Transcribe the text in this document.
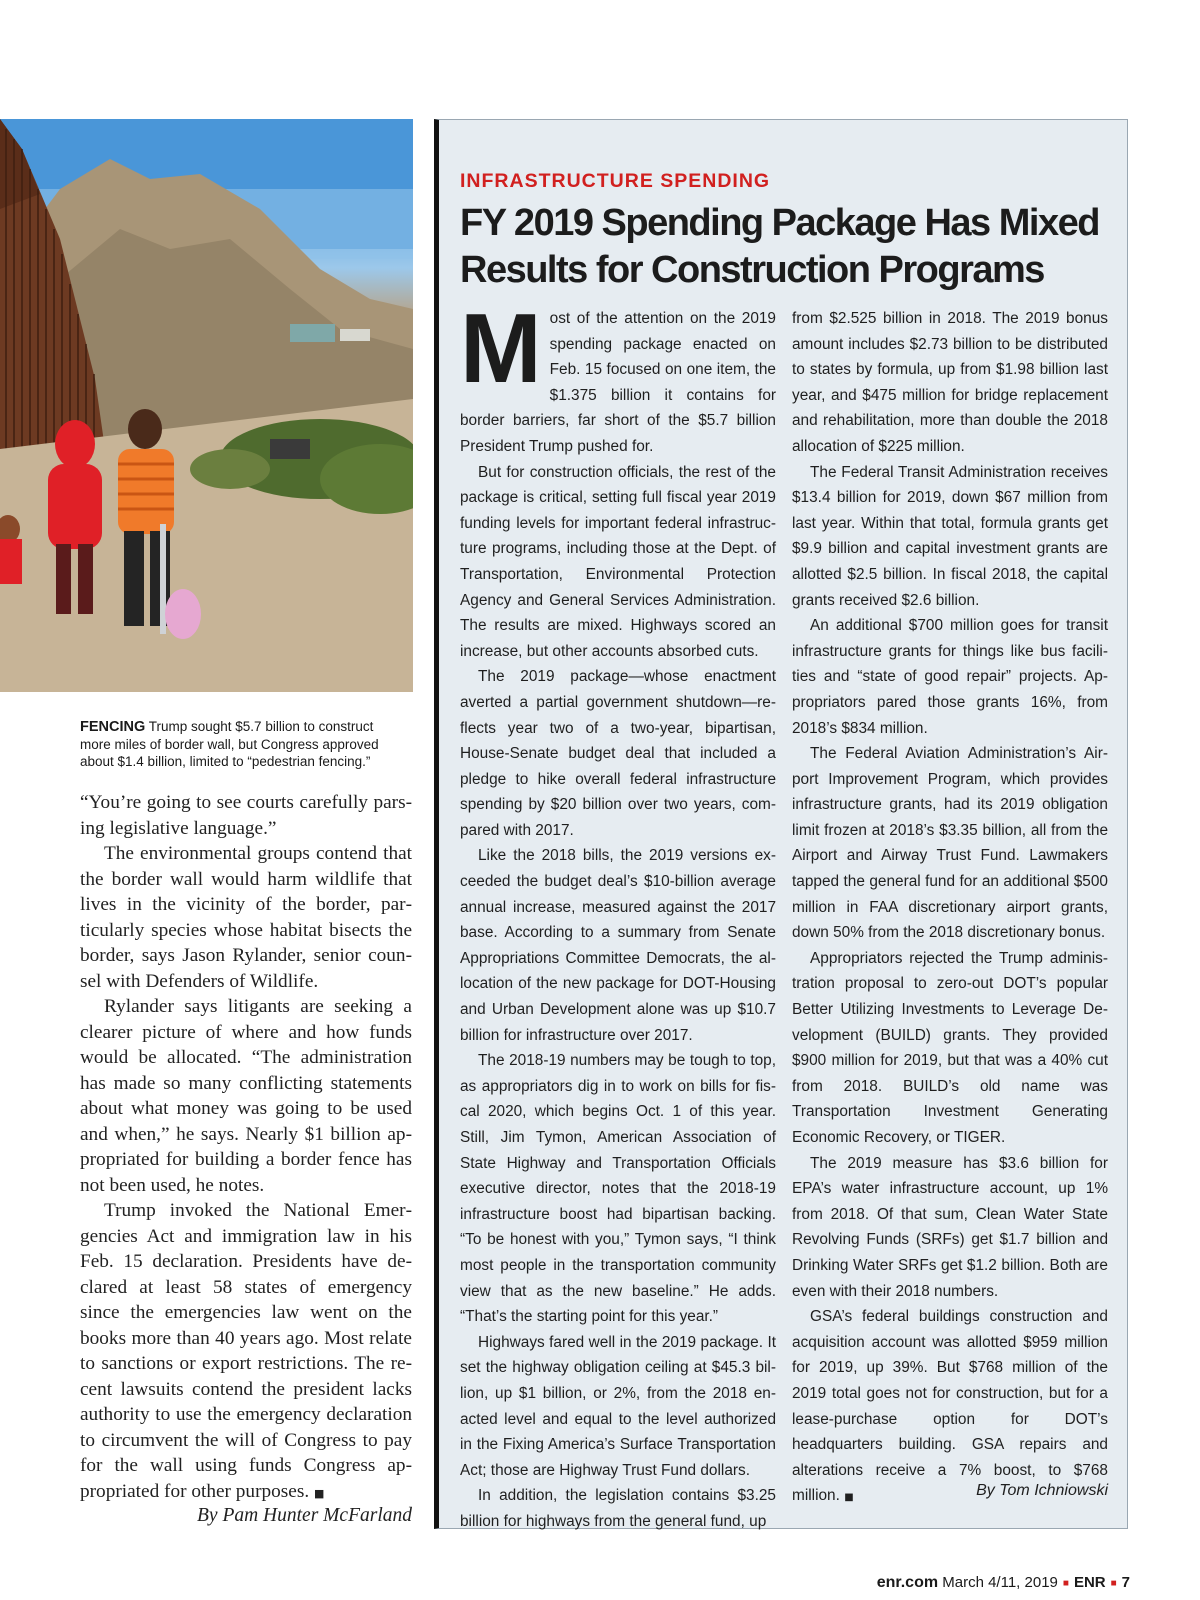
FENCING Trump sought $5.7 billion to construct more miles of border wall, but Congress approved about $1.4 billion, limited to “pedestrian fencing.”

“You’re going to see courts carefully parsing legislative language.”

The environmental groups contend that the border wall would harm wildlife that lives in the vicinity of the border, particularly species whose habitat bisects the border, says Jason Rylander, senior counsel with Defenders of Wildlife.

Rylander says litigants are seeking a clearer picture of where and how funds would be allocated. “The administration has made so many conflicting statements about what money was going to be used and when,” he says. Nearly $1 billion appropriated for building a border fence has not been used, he notes.

Trump invoked the National Emergencies Act and immigration law in his Feb. 15 declaration. Presidents have declared at least 58 states of emergency since the emergencies law went on the books more than 40 years ago. Most relate to sanctions or export restrictions. The recent lawsuits contend the president lacks authority to use the emergency declaration to circumvent the will of Congress to pay for the wall using funds Congress appropriated for other purposes. ■

By Pam Hunter McFarland
INFRASTRUCTURE SPENDING
FY 2019 Spending Package Has Mixed Results for Construction Programs

Most of the attention on the 2019 spending package enacted on Feb. 15 focused on one item, the $1.375 billion it contains for border barriers, far short of the $5.7 billion President Trump pushed for.

But for construction officials, the rest of the package is critical, setting full fiscal year 2019 funding levels for important federal infrastructure programs, including those at the Dept. of Transportation, Environmental Protection Agency and General Services Administration. The results are mixed. Highways scored an increase, but other accounts absorbed cuts.

The 2019 package—whose enactment averted a partial government shutdown—reflects year two of a two-year, bipartisan, House-Senate budget deal that included a pledge to hike overall federal infrastructure spending by $20 billion over two years, compared with 2017.

Like the 2018 bills, the 2019 versions exceeded the budget deal’s $10-billion average annual increase, measured against the 2017 base. According to a summary from Senate Appropriations Committee Democrats, the allocation of the new package for DOT-Housing and Urban Development alone was up $10.7 billion for infrastructure over 2017.

The 2018-19 numbers may be tough to top, as appropriators dig in to work on bills for fiscal 2020, which begins Oct. 1 of this year. Still, Jim Tymon, American Association of State Highway and Transportation Officials executive director, notes that the 2018-19 infrastructure boost had bipartisan backing. “To be honest with you,” Tymon says, “I think most people in the transportation community view that as the new baseline.” He adds. “That’s the starting point for this year.”

Highways fared well in the 2019 package. It set the highway obligation ceiling at $45.3 billion, up $1 billion, or 2%, from the 2018 enacted level and equal to the level authorized in the Fixing America’s Surface Transportation Act; those are Highway Trust Fund dollars.

In addition, the legislation contains $3.25 billion for highways from the general fund, up

from $2.525 billion in 2018. The 2019 bonus amount includes $2.73 billion to be distributed to states by formula, up from $1.98 billion last year, and $475 million for bridge replacement and rehabilitation, more than double the 2018 allocation of $225 million.

The Federal Transit Administration receives $13.4 billion for 2019, down $67 million from last year. Within that total, formula grants get $9.9 billion and capital investment grants are allotted $2.5 billion. In fiscal 2018, the capital grants received $2.6 billion.

An additional $700 million goes for transit infrastructure grants for things like bus facilities and “state of good repair” projects. Appropriators pared those grants 16%, from 2018’s $834 million.

The Federal Aviation Administration’s Airport Improvement Program, which provides infrastructure grants, had its 2019 obligation limit frozen at 2018’s $3.35 billion, all from the Airport and Airway Trust Fund. Lawmakers tapped the general fund for an additional $500 million in FAA discretionary airport grants, down 50% from the 2018 discretionary bonus.

Appropriators rejected the Trump administration proposal to zero-out DOT’s popular Better Utilizing Investments to Leverage Development (BUILD) grants. They provided $900 million for 2019, but that was a 40% cut from 2018. BUILD’s old name was Transportation Investment Generating Economic Recovery, or TIGER.

The 2019 measure has $3.6 billion for EPA’s water infrastructure account, up 1% from 2018. Of that sum, Clean Water State Revolving Funds (SRFs) get $1.7 billion and Drinking Water SRFs get $1.2 billion. Both are even with their 2018 numbers.

GSA’s federal buildings construction and acquisition account was allotted $959 million for 2019, up 39%. But $768 million of the 2019 total goes not for construction, but for a lease-purchase option for DOT’s headquarters building. GSA repairs and alterations receive a 7% boost, to $768 million. ■	By Tom Ichniowski
enr.com March 4/11, 2019 ■ ENR ■ 7
